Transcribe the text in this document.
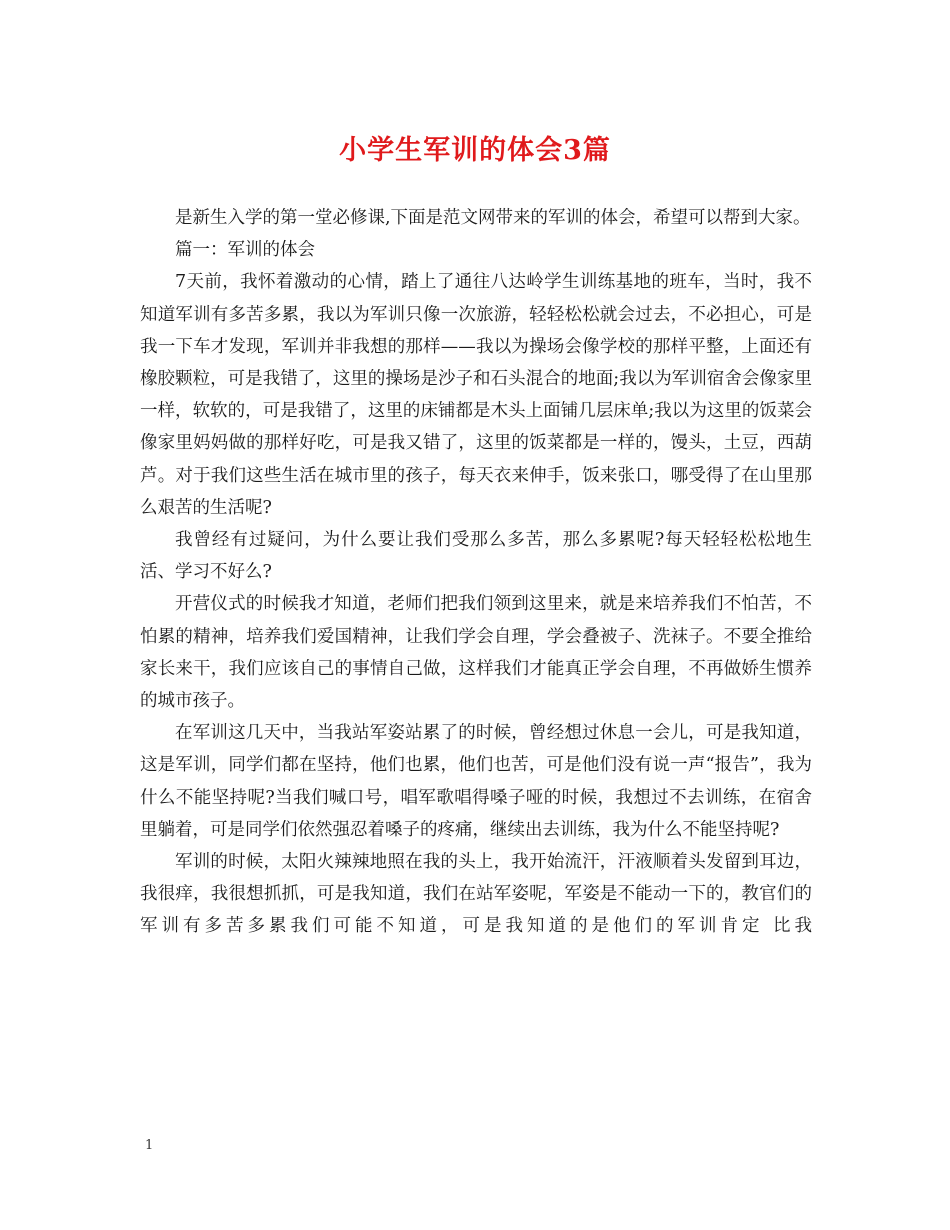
小学生军训的体会3篇

是新生入学的第一堂必修课,下面是范文网带来的军训的体会，希望可以帮到大家。

篇一：军训的体会

7天前，我怀着激动的心情，踏上了通往八达岭学生训练基地的班车，当时，我不知道军训有多苦多累，我以为军训只像一次旅游，轻轻松松就会过去，不必担心，可是我一下车才发现，军训并非我想的那样——我以为操场会像学校的那样平整，上面还有橡胶颗粒，可是我错了，这里的操场是沙子和石头混合的地面;我以为军训宿舍会像家里一样，软软的，可是我错了，这里的床铺都是木头上面铺几层床单;我以为这里的饭菜会像家里妈妈做的那样好吃，可是我又错了，这里的饭菜都是一样的，馒头，土豆，西葫芦。对于我们这些生活在城市里的孩子，每天衣来伸手，饭来张口，哪受得了在山里那么艰苦的生活呢?

我曾经有过疑问，为什么要让我们受那么多苦，那么多累呢?每天轻轻松松地生活、学习不好么?

开营仪式的时候我才知道，老师们把我们领到这里来，就是来培养我们不怕苦，不怕累的精神，培养我们爱国精神，让我们学会自理，学会叠被子、洗袜子。不要全推给家长来干，我们应该自己的事情自己做，这样我们才能真正学会自理，不再做娇生惯养的城市孩子。

在军训这几天中，当我站军姿站累了的时候，曾经想过休息一会儿，可是我知道，这是军训，同学们都在坚持，他们也累，他们也苦，可是他们没有说一声“报告”，我为什么不能坚持呢?当我们喊口号，唱军歌唱得嗓子哑的时候，我想过不去训练，在宿舍里躺着，可是同学们依然强忍着嗓子的疼痛，继续出去训练，我为什么不能坚持呢?

军训的时候，太阳火辣辣地照在我的头上，我开始流汗，汗液顺着头发留到耳边，我很痒，我很想抓抓，可是我知道，我们在站军姿呢，军姿是不能动一下的，教官们的军训有多苦多累我们可能不知道，可是我知道的是他们的军训肯定 比我

1
